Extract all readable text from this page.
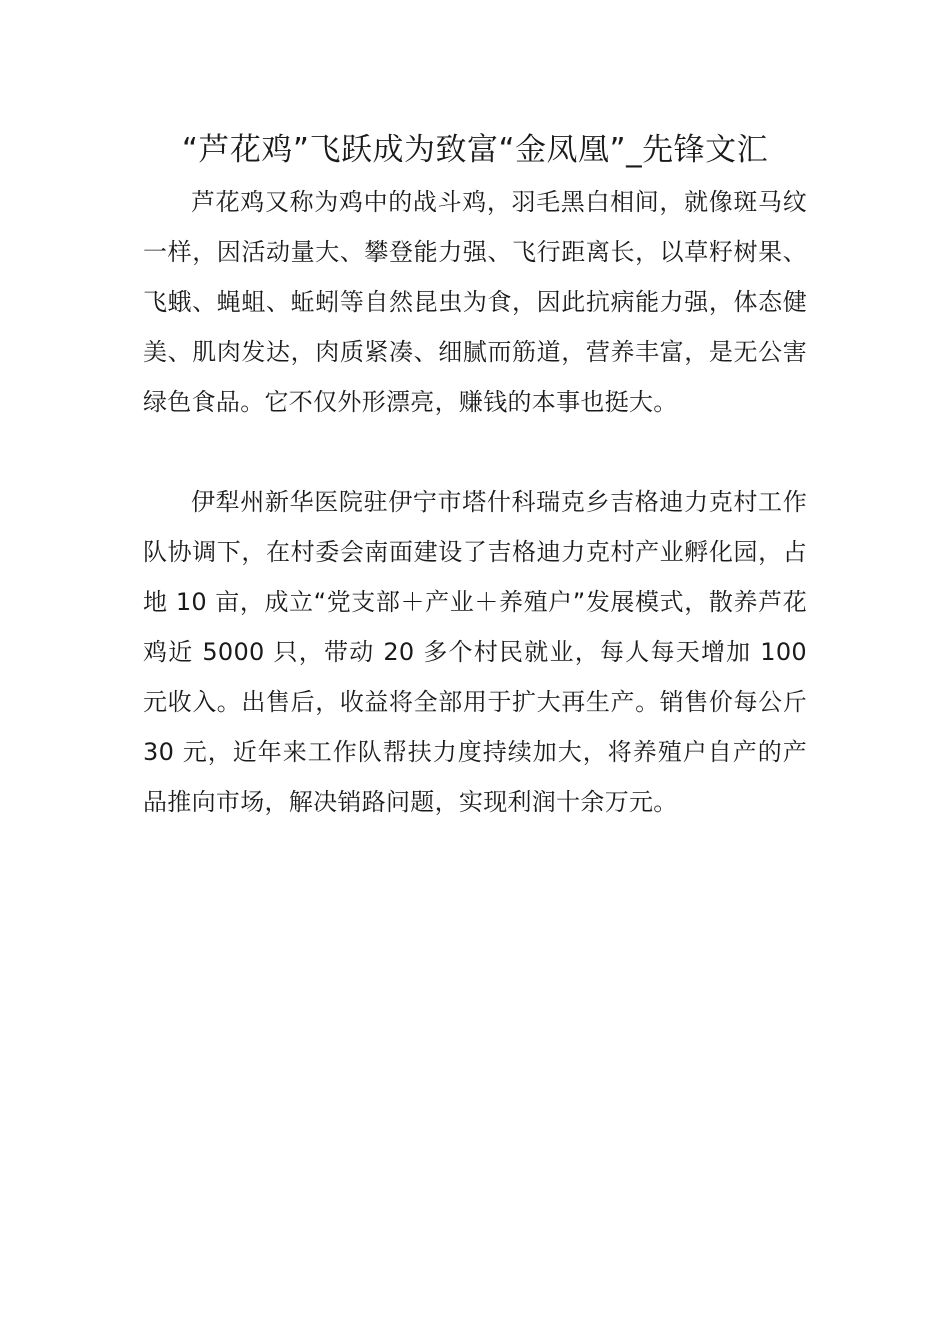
“芦花鸡”飞跃成为致富“金凤凰”_先锋文汇

芦花鸡又称为鸡中的战斗鸡，羽毛黑白相间，就像斑马纹一样，因活动量大、攀登能力强、飞行距离长，以草籽树果、飞蛾、蝇蛆、蚯蚓等自然昆虫为食，因此抗病能力强，体态健美、肌肉发达，肉质紧凑、细腻而筋道，营养丰富，是无公害绿色食品。它不仅外形漂亮，赚钱的本事也挺大。

伊犁州新华医院驻伊宁市塔什科瑞克乡吉格迪力克村工作队协调下，在村委会南面建设了吉格迪力克村产业孵化园，占地 10 亩，成立“党支部＋产业＋养殖户”发展模式，散养芦花鸡近 5000 只，带动 20 多个村民就业，每人每天增加 100 元收入。出售后，收益将全部用于扩大再生产。销售价每公斤 30 元，近年来工作队帮扶力度持续加大，将养殖户自产的产品推向市场，解决销路问题，实现利润十余万元。
